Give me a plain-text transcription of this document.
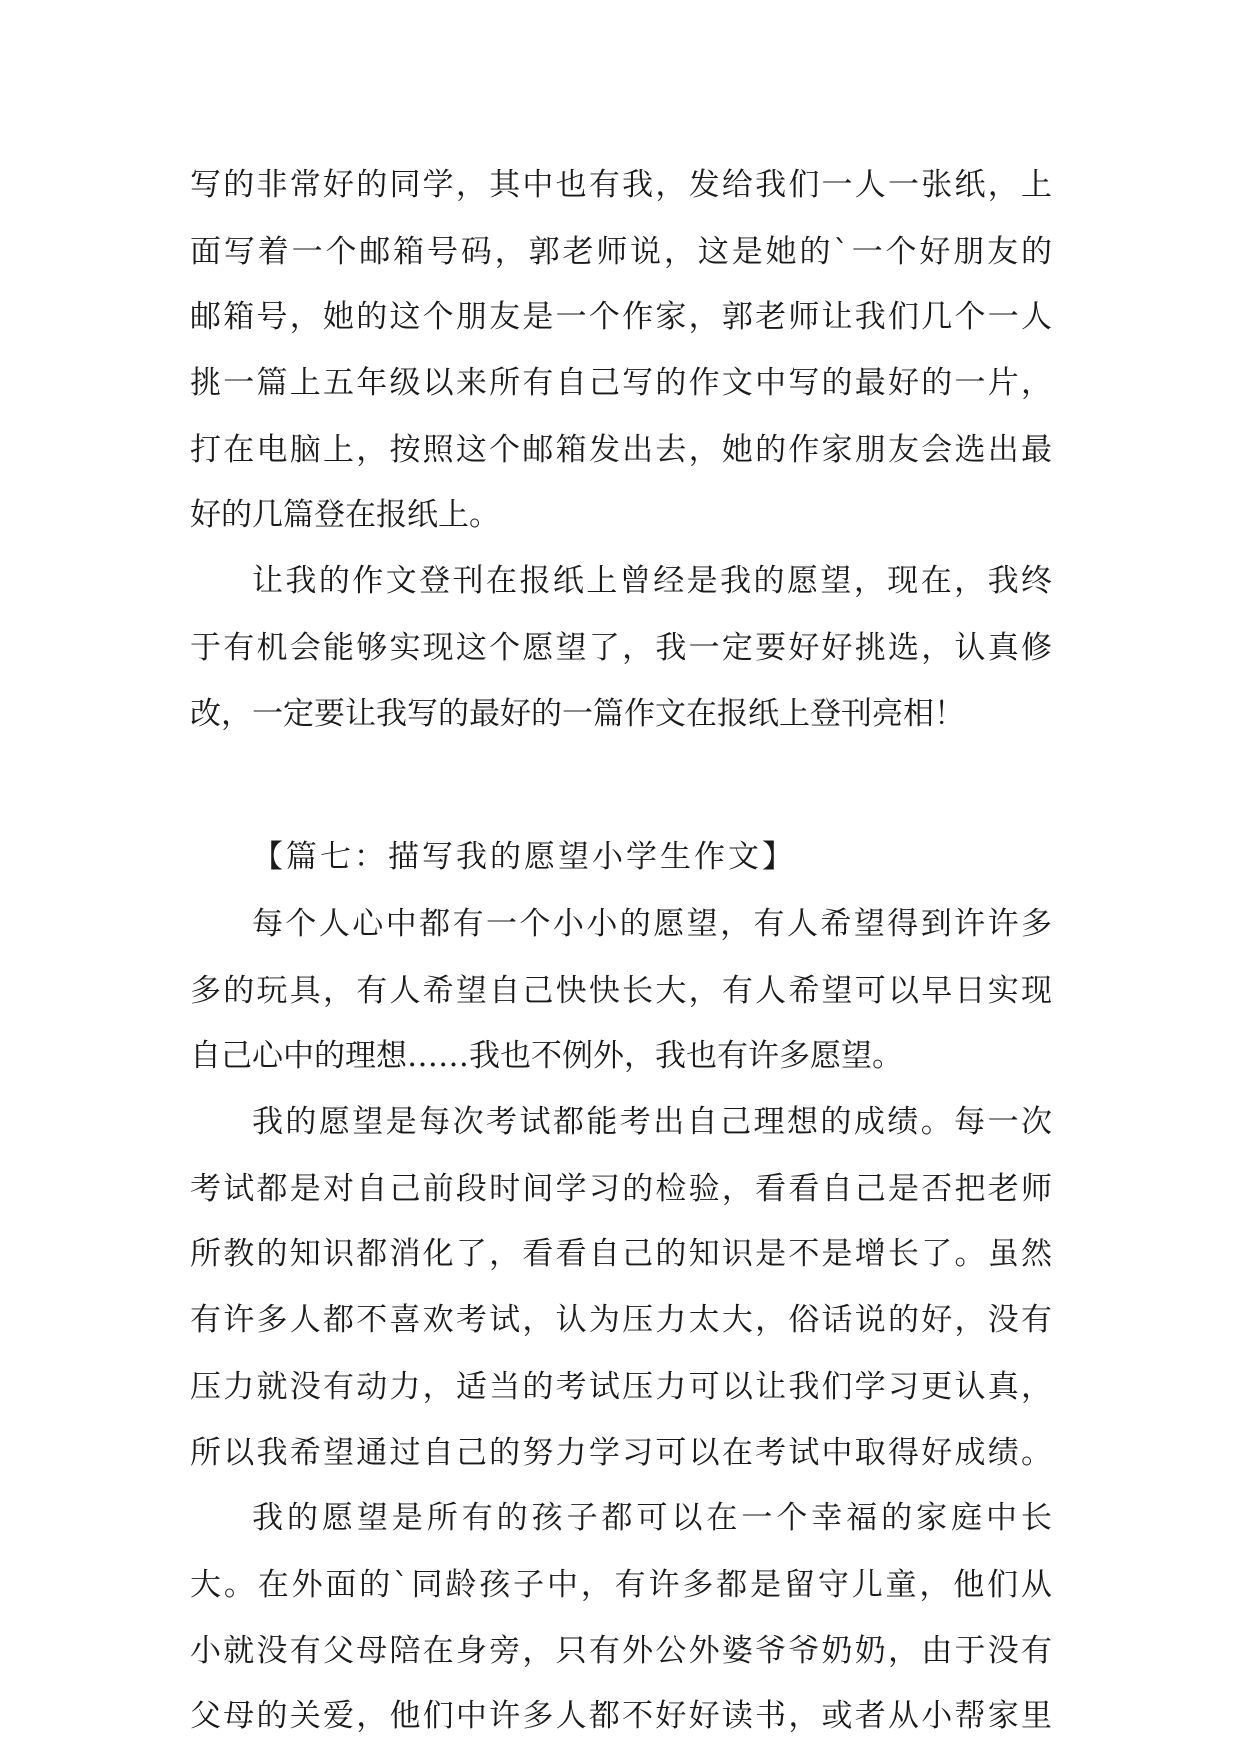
写的非常好的同学，其中也有我，发给我们一人一张纸，上
面写着一个邮箱号码，郭老师说，这是她的`一个好朋友的
邮箱号，她的这个朋友是一个作家，郭老师让我们几个一人
挑一篇上五年级以来所有自己写的作文中写的最好的一片，
打在电脑上，按照这个邮箱发出去，她的作家朋友会选出最
好的几篇登在报纸上。
让我的作文登刊在报纸上曾经是我的愿望，现在，我终
于有机会能够实现这个愿望了，我一定要好好挑选，认真修
改，一定要让我写的最好的一篇作文在报纸上登刊亮相！
【篇七：描写我的愿望小学生作文】
每个人心中都有一个小小的愿望，有人希望得到许许多
多的玩具，有人希望自己快快长大，有人希望可以早日实现
自己心中的理想……我也不例外，我也有许多愿望。
我的愿望是每次考试都能考出自己理想的成绩。每一次
考试都是对自己前段时间学习的检验，看看自己是否把老师
所教的知识都消化了，看看自己的知识是不是增长了。虽然
有许多人都不喜欢考试，认为压力太大，俗话说的好，没有
压力就没有动力，适当的考试压力可以让我们学习更认真，
所以我希望通过自己的努力学习可以在考试中取得好成绩。
我的愿望是所有的孩子都可以在一个幸福的家庭中长
大。在外面的`同龄孩子中，有许多都是留守儿童，他们从
小就没有父母陪在身旁，只有外公外婆爷爷奶奶，由于没有
父母的关爱，他们中许多人都不好好读书，或者从小帮家里
